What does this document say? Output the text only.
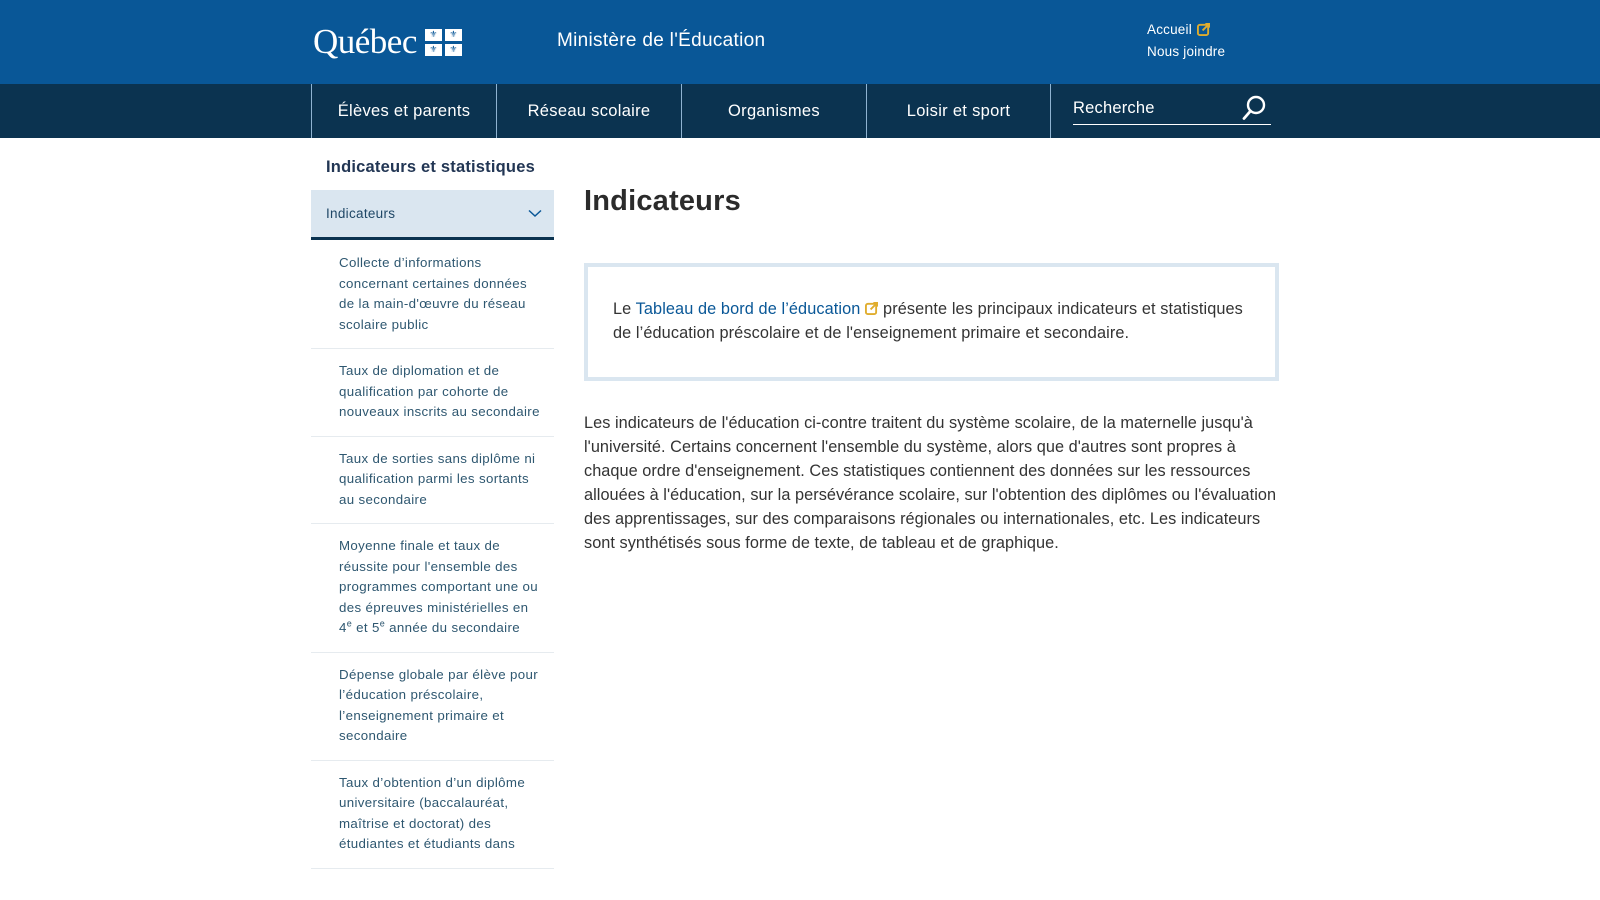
Québec	⚜	⚜
⚜	⚜	Ministère de l'Éducation
Accueil
Nous joindre
Élèves et parents	Réseau scolaire	Organismes	Loisir et sport
Recherche
Indicateurs et statistiques
Indicateurs
Collecte d’informations concernant certaines données de la main-d'œuvre du réseau scolaire public
Taux de diplomation et de qualification par cohorte de nouveaux inscrits au secondaire
Taux de sorties sans diplôme ni qualification parmi les sortants au secondaire
Moyenne finale et taux de réussite pour l'ensemble des programmes comportant une ou des épreuves ministérielles en 4e et 5e année du secondaire
Dépense globale par élève pour l’éducation préscolaire, l’enseignement primaire et secondaire
Taux d’obtention d’un diplôme universitaire (baccalauréat, maîtrise et doctorat) des étudiantes et étudiants dans
Indicateurs

Le Tableau de bord de l’éducation présente les principaux indicateurs et statistiques de l’éducation préscolaire et de l'enseignement primaire et secondaire.

Les indicateurs de l'éducation ci-contre traitent du système scolaire, de la maternelle jusqu'à l'université. Certains concernent l'ensemble du système, alors que d'autres sont propres à chaque ordre d'enseignement. Ces statistiques contiennent des données sur les ressources allouées à l'éducation, sur la persévérance scolaire, sur l'obtention des diplômes ou l'évaluation des apprentissages, sur des comparaisons régionales ou internationales, etc. Les indicateurs sont synthétisés sous forme de texte, de tableau et de graphique.
